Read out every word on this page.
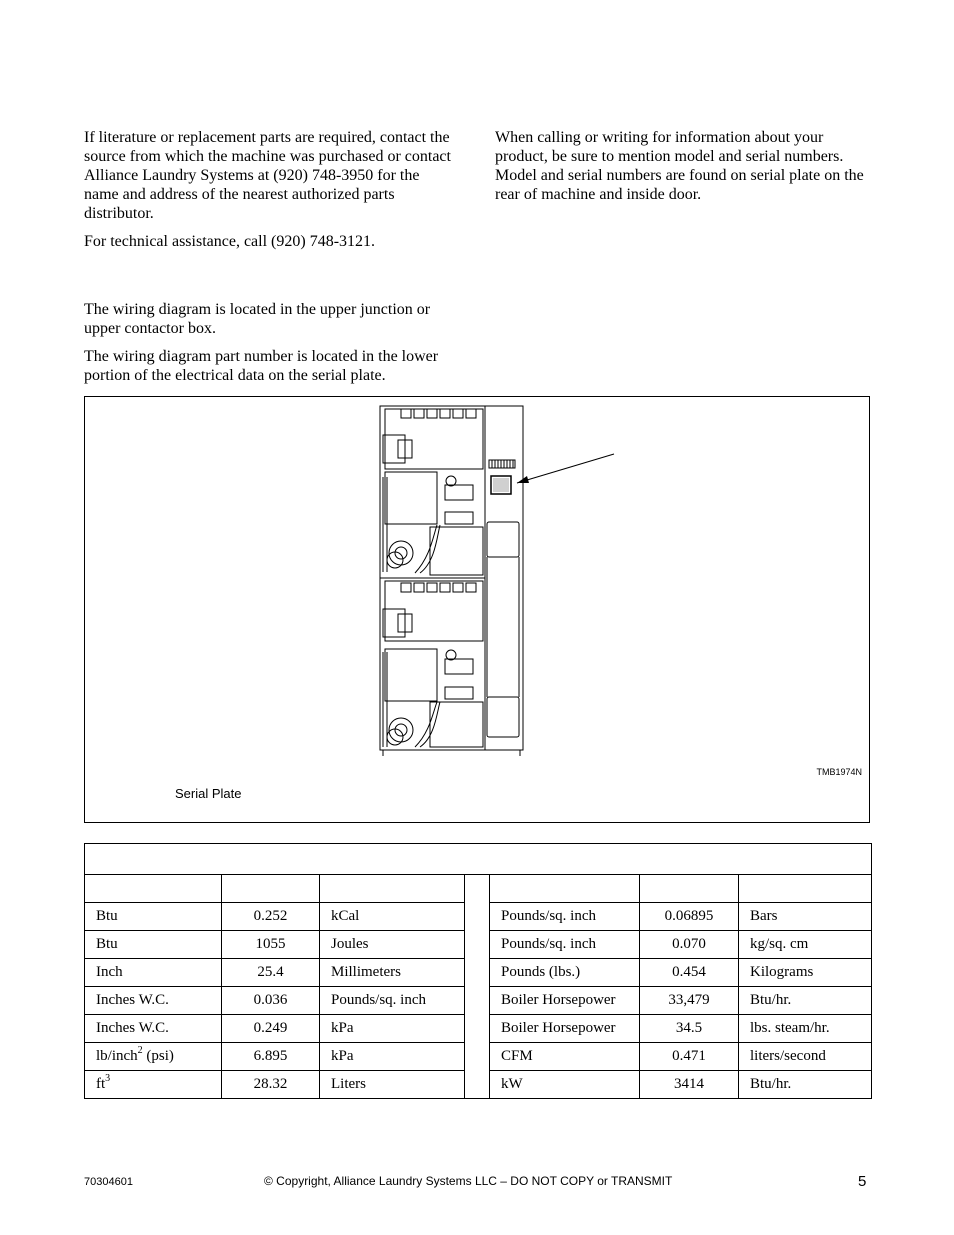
If literature or replacement parts are required, contact the source from which the machine was purchased or contact Alliance Laundry Systems at (920) 748-3950 for the name and address of the nearest authorized parts distributor.

For technical assistance, call (920) 748-3121.

When calling or writing for information about your product, be sure to mention model and serial numbers. Model and serial numbers are found on serial plate on the rear of machine and inside door.

The wiring diagram is located in the upper junction or upper contactor box.

The wiring diagram part number is located in the lower portion of the electrical data on the serial plate.

TMB1974N
Serial Plate

Btu	0.252	kCal		Pounds/sq. inch	0.06895	Bars
Btu	1055	Joules		Pounds/sq. inch	0.070	kg/sq. cm
Inch	25.4	Millimeters		Pounds (lbs.)	0.454	Kilograms
Inches W.C.	0.036	Pounds/sq. inch		Boiler Horsepower	33,479	Btu/hr.
Inches W.C.	0.249	kPa		Boiler Horsepower	34.5	lbs. steam/hr.
lb/inch$^2$ (psi)	6.895	kPa		CFM	0.471	liters/second
$ft^3$	28.32	Liters		kW	3414	Btu/hr.
70304601	© Copyright, Alliance Laundry Systems LLC – DO NOT COPY or TRANSMIT	5
